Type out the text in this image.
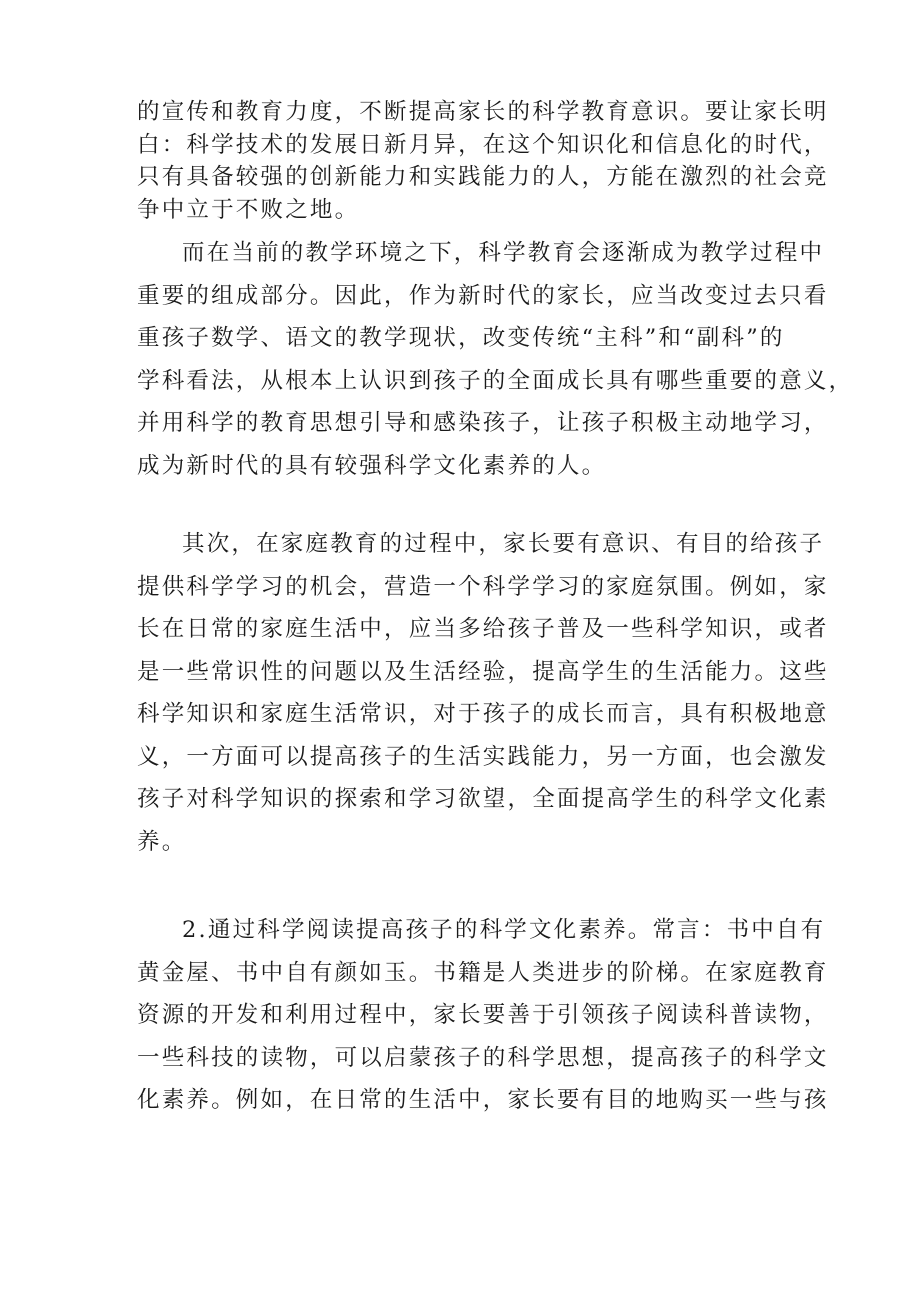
的宣传和教育力度，不断提高家长的科学教育意识。要让家长明
白：科学技术的发展日新月异，在这个知识化和信息化的时代，
只有具备较强的创新能力和实践能力的人，方能在激烈的社会竞
争中立于不败之地。
而在当前的教学环境之下，科学教育会逐渐成为教学过程中
重要的组成部分。因此，作为新时代的家长，应当改变过去只看
重孩子数学、语文的教学现状，改变传统“主科”和“副科”的
学科看法，从根本上认识到孩子的全面成长具有哪些重要的意义，
并用科学的教育思想引导和感染孩子，让孩子积极主动地学习，
成为新时代的具有较强科学文化素养的人。
其次，在家庭教育的过程中，家长要有意识、有目的给孩子
提供科学学习的机会，营造一个科学学习的家庭氛围。例如，家
长在日常的家庭生活中，应当多给孩子普及一些科学知识，或者
是一些常识性的问题以及生活经验，提高学生的生活能力。这些
科学知识和家庭生活常识，对于孩子的成长而言，具有积极地意
义，一方面可以提高孩子的生活实践能力，另一方面，也会激发
孩子对科学知识的探索和学习欲望，全面提高学生的科学文化素
养。
2.通过科学阅读提高孩子的科学文化素养。常言：书中自有
黄金屋、书中自有颜如玉。书籍是人类进步的阶梯。在家庭教育
资源的开发和利用过程中，家长要善于引领孩子阅读科普读物，
一些科技的读物，可以启蒙孩子的科学思想，提高孩子的科学文
化素养。例如，在日常的生活中，家长要有目的地购买一些与孩
